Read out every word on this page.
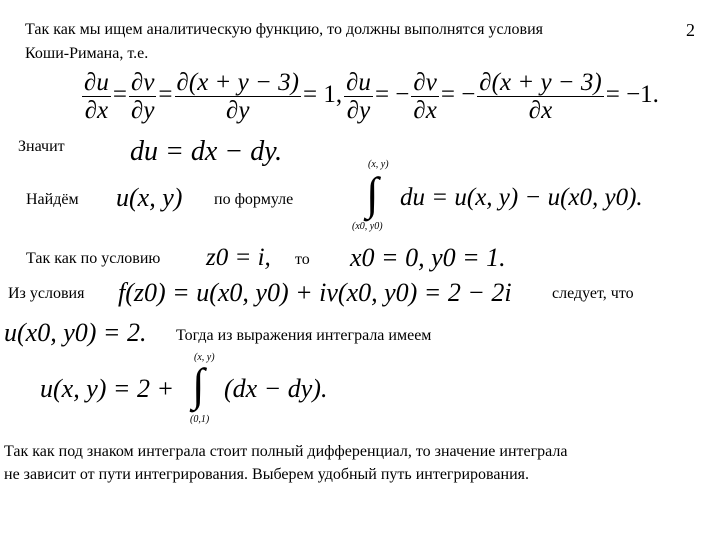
Так как мы ищем аналитическую функцию, то должны выполнятся условия	2
Коши-Римана, т.е.
$\frac{\partial u}{\partial x} = \frac{\partial v}{\partial y} = \frac{\partial(x + y - 3)}{\partial y} = 1$, $\frac{\partial u}{\partial y}$ = − $\frac{\partial v}{\partial x}$ = − $\frac{\partial(x + y - 3)}{\partial x} = -1$.
Значит du = dx − dy.
Найдём u(x, y) по формуле
(x, y)
∫
(x0, y0)
du = u(x, y) − u(x0, y0).
Так как по условию z0 = i, то x0 = 0, y0 = 1.
Из условия f(z0) = u(x0, y0) + iv(x0, y0) = 2 − 2i	следует, что
u(x0, y0) = 2. Тогда из выражения интеграла имеем
u(x, y) = 2 +
(x, y)
∫
(0,1)
(dx − dy).
Так как под знаком интеграла стоит полный дифференциал, то значение интеграла
не зависит от пути интегрирования. Выберем удобный путь интегрирования.
